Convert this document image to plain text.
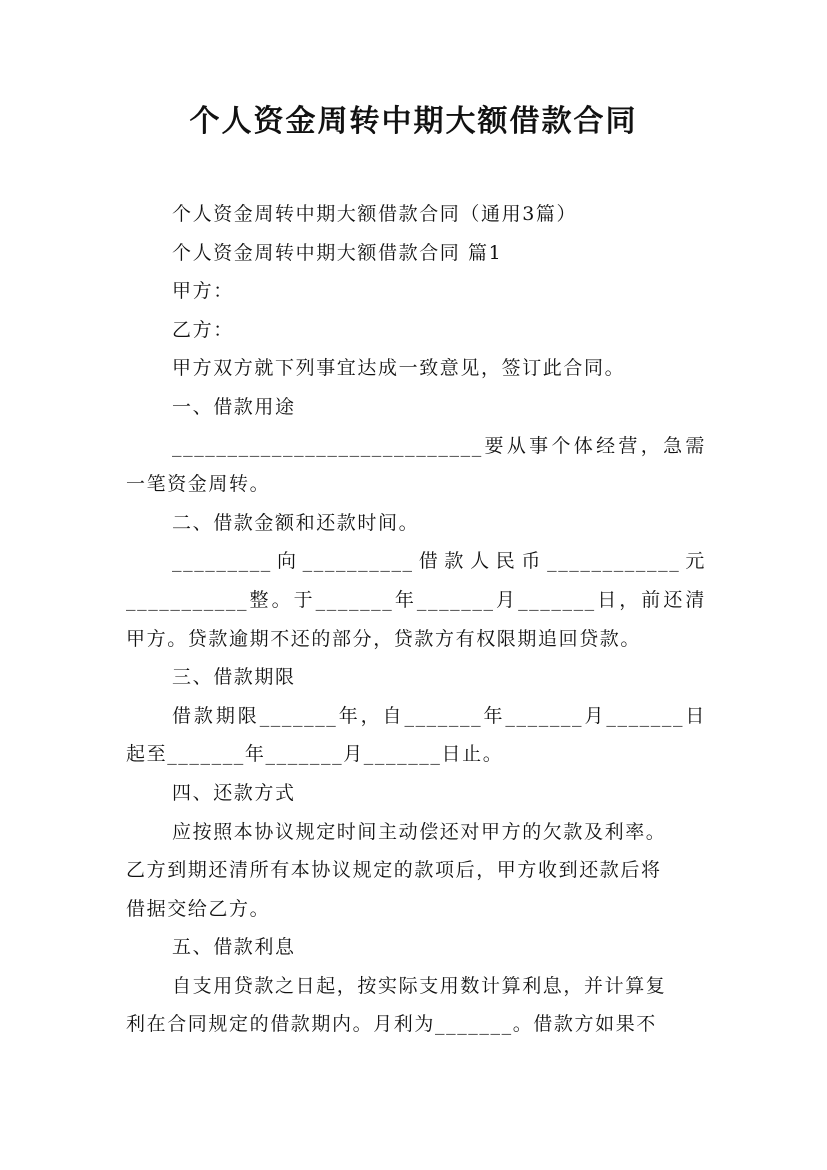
个人资金周转中期大额借款合同
个人资金周转中期大额借款合同（通用3篇）
个人资金周转中期大额借款合同 篇1
甲方：
乙方：
甲方双方就下列事宜达成一致意见，签订此合同。
一、借款用途
____________________________要从事个体经营，急需
一笔资金周转。
二、借款金额和还款时间。
_________向__________借款人民币____________元
___________整。于_______年_______月_______日，前还清
甲方。贷款逾期不还的部分，贷款方有权限期追回贷款。
三、借款期限
借款期限_______年，自_______年_______月_______日
起至_______年_______月_______日止。
四、还款方式
应按照本协议规定时间主动偿还对甲方的欠款及利率。
乙方到期还清所有本协议规定的款项后，甲方收到还款后将
借据交给乙方。
五、借款利息
自支用贷款之日起，按实际支用数计算利息，并计算复
利在合同规定的借款期内。月利为_______。借款方如果不
